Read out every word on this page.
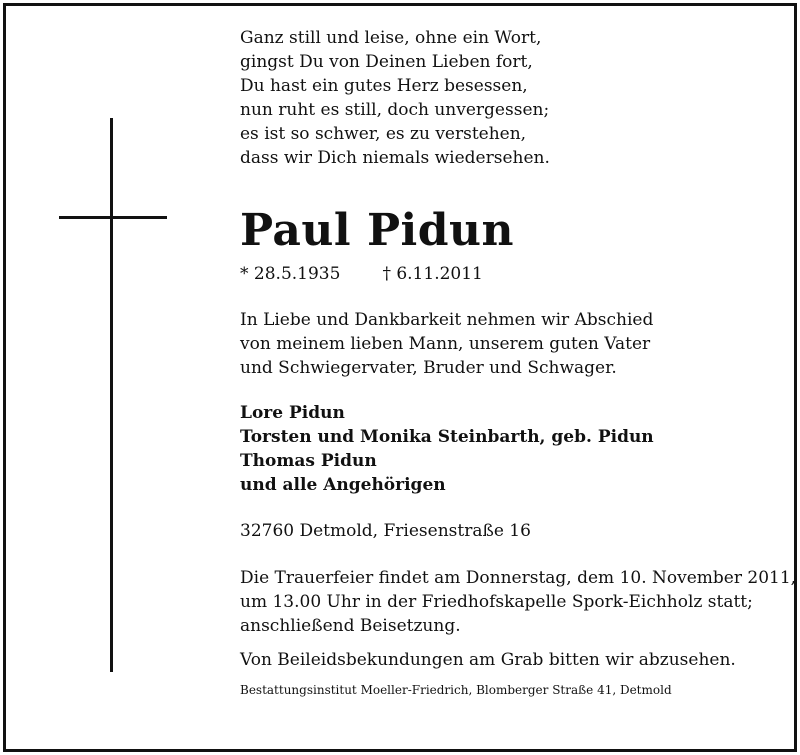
Ganz still und leise, ohne ein Wort,
gingst Du von Deinen Lieben fort,
Du hast ein gutes Herz besessen,
nun ruht es still, doch unvergessen;
es ist so schwer, es zu verstehen,
dass wir Dich niemals wiedersehen.
Paul Pidun
* 28.5.1935 † 6.11.2011
In Liebe und Dankbarkeit nehmen wir Abschied
von meinem lieben Mann, unserem guten Vater
und Schwiegervater, Bruder und Schwager.
Lore Pidun
Torsten und Monika Steinbarth, geb. Pidun
Thomas Pidun
und alle Angehörigen
32760 Detmold, Friesenstraße 16
Die Trauerfeier findet am Donnerstag, dem 10. November 2011,
um 13.00 Uhr in der Friedhofskapelle Spork-Eichholz statt;
anschließend Beisetzung.
Von Beileidsbekundungen am Grab bitten wir abzusehen.
Bestattungsinstitut Moeller-Friedrich, Blomberger Straße 41, Detmold
